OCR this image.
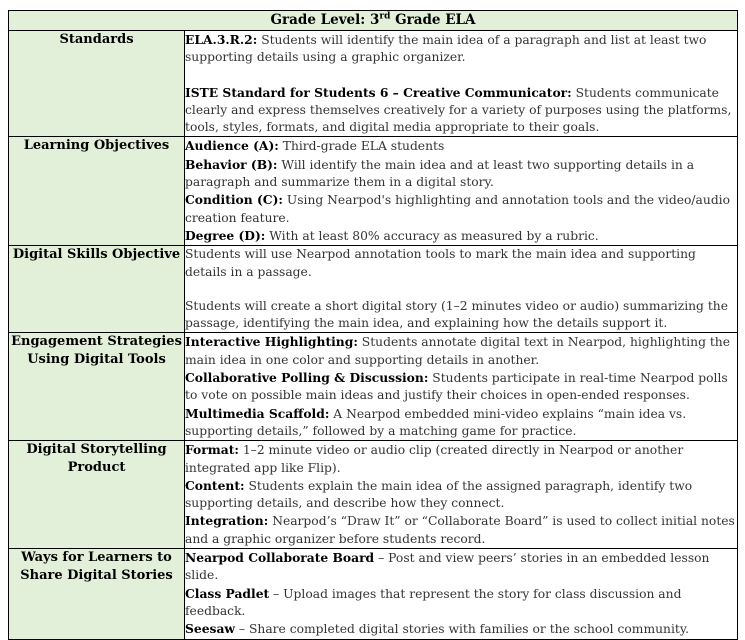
Grade Level: 3rd Grade ELA	
Standards	ELA.3.R.2: Students will identify the main idea of a paragraph and list at least two supporting details using a graphic organizer.

ISTE Standard for Students 6 – Creative Communicator: Students communicate clearly and express themselves creatively for a variety of purposes using the platforms, tools, styles, formats, and digital media appropriate to their goals.

Learning Objectives	Audience (A): Third-grade ELA students

Behavior (B): Will identify the main idea and at least two supporting details in a paragraph and summarize them in a digital story.

Condition (C): Using Nearpod's highlighting and annotation tools and the video/audio creation feature.

Degree (D): With at least 80% accuracy as measured by a rubric.

Digital Skills Objective	Students will use Nearpod annotation tools to mark the main idea and supporting details in a passage.

Students will create a short digital story (1–2 minutes video or audio) summarizing the passage, identifying the main idea, and explaining how the details support it.

Engagement Strategies Using Digital Tools	Interactive Highlighting: Students annotate digital text in Nearpod, highlighting the main idea in one color and supporting details in another.

Collaborative Polling & Discussion: Students participate in real-time Nearpod polls to vote on possible main ideas and justify their choices in open-ended responses.

Multimedia Scaffold: A Nearpod embedded mini-video explains “main idea vs. supporting details,” followed by a matching game for practice.

Digital Storytelling Product	Format: 1–2 minute video or audio clip (created directly in Nearpod or another integrated app like Flip).

Content: Students explain the main idea of the assigned paragraph, identify two supporting details, and describe how they connect.

Integration: Nearpod’s “Draw It” or “Collaborate Board” is used to collect initial notes and a graphic organizer before students record.

Ways for Learners to Share Digital Stories	Nearpod Collaborate Board – Post and view peers’ stories in an embedded lesson slide.

Class Padlet – Upload images that represent the story for class discussion and feedback.

Seesaw – Share completed digital stories with families or the school community.
